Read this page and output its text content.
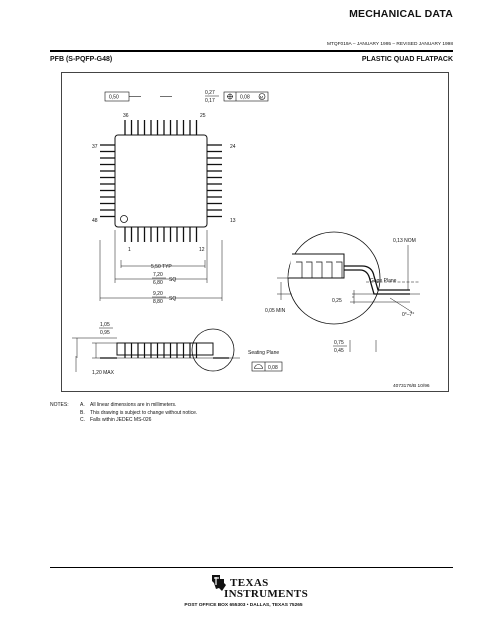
MECHANICAL DATA
MTQF019A – JANUARY 1995 – REVISED JANUARY 1998
PFB (S-PQFP-G48)	PLASTIC QUAD FLATPACK
36	25
37	24
48	13
1	12
0,50
0,27
0,17
0,08	M
5,50 TYP
7,20
6,80 SQ
9,20
8,80 SQ
1,05
0,95
1,20 MAX
Seating Plane
0,08
0,13 NOM
Gage Plane
0,25
0,05 MIN
0°–7°
0,75
0,45
4073176/B 10/96
NOTES:	A.	All linear dimensions are in millimeters.
B.	This drawing is subject to change without notice.
C.	Falls within JEDEC MS-026
TEXAS
INSTRUMENTS
POST OFFICE BOX 655303 • DALLAS, TEXAS 75265
